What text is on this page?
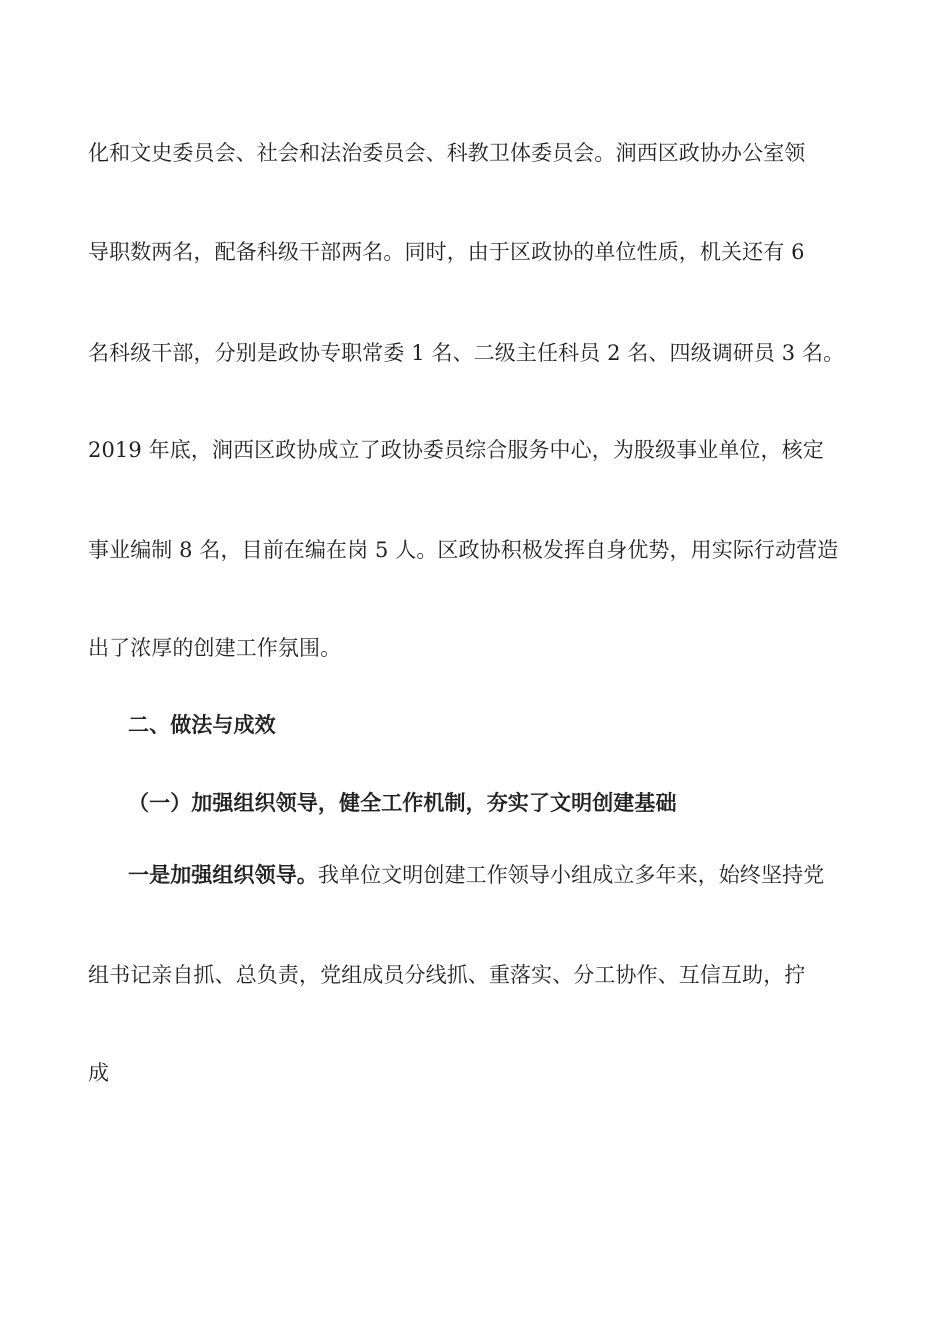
化和文史委员会、社会和法治委员会、科教卫体委员会。涧西区政协办公室领
导职数两名，配备科级干部两名。同时，由于区政协的单位性质，机关还有 6
名科级干部，分别是政协专职常委 1 名、二级主任科员 2 名、四级调研员 3 名。
2019 年底，涧西区政协成立了政协委员综合服务中心，为股级事业单位，核定
事业编制 8 名，目前在编在岗 5 人。区政协积极发挥自身优势，用实际行动营造
出了浓厚的创建工作氛围。
二、做法与成效
（一）加强组织领导，健全工作机制，夯实了文明创建基础
一是加强组织领导。我单位文明创建工作领导小组成立多年来，始终坚持党
组书记亲自抓、总负责，党组成员分线抓、重落实、分工协作、互信互助，拧
成
